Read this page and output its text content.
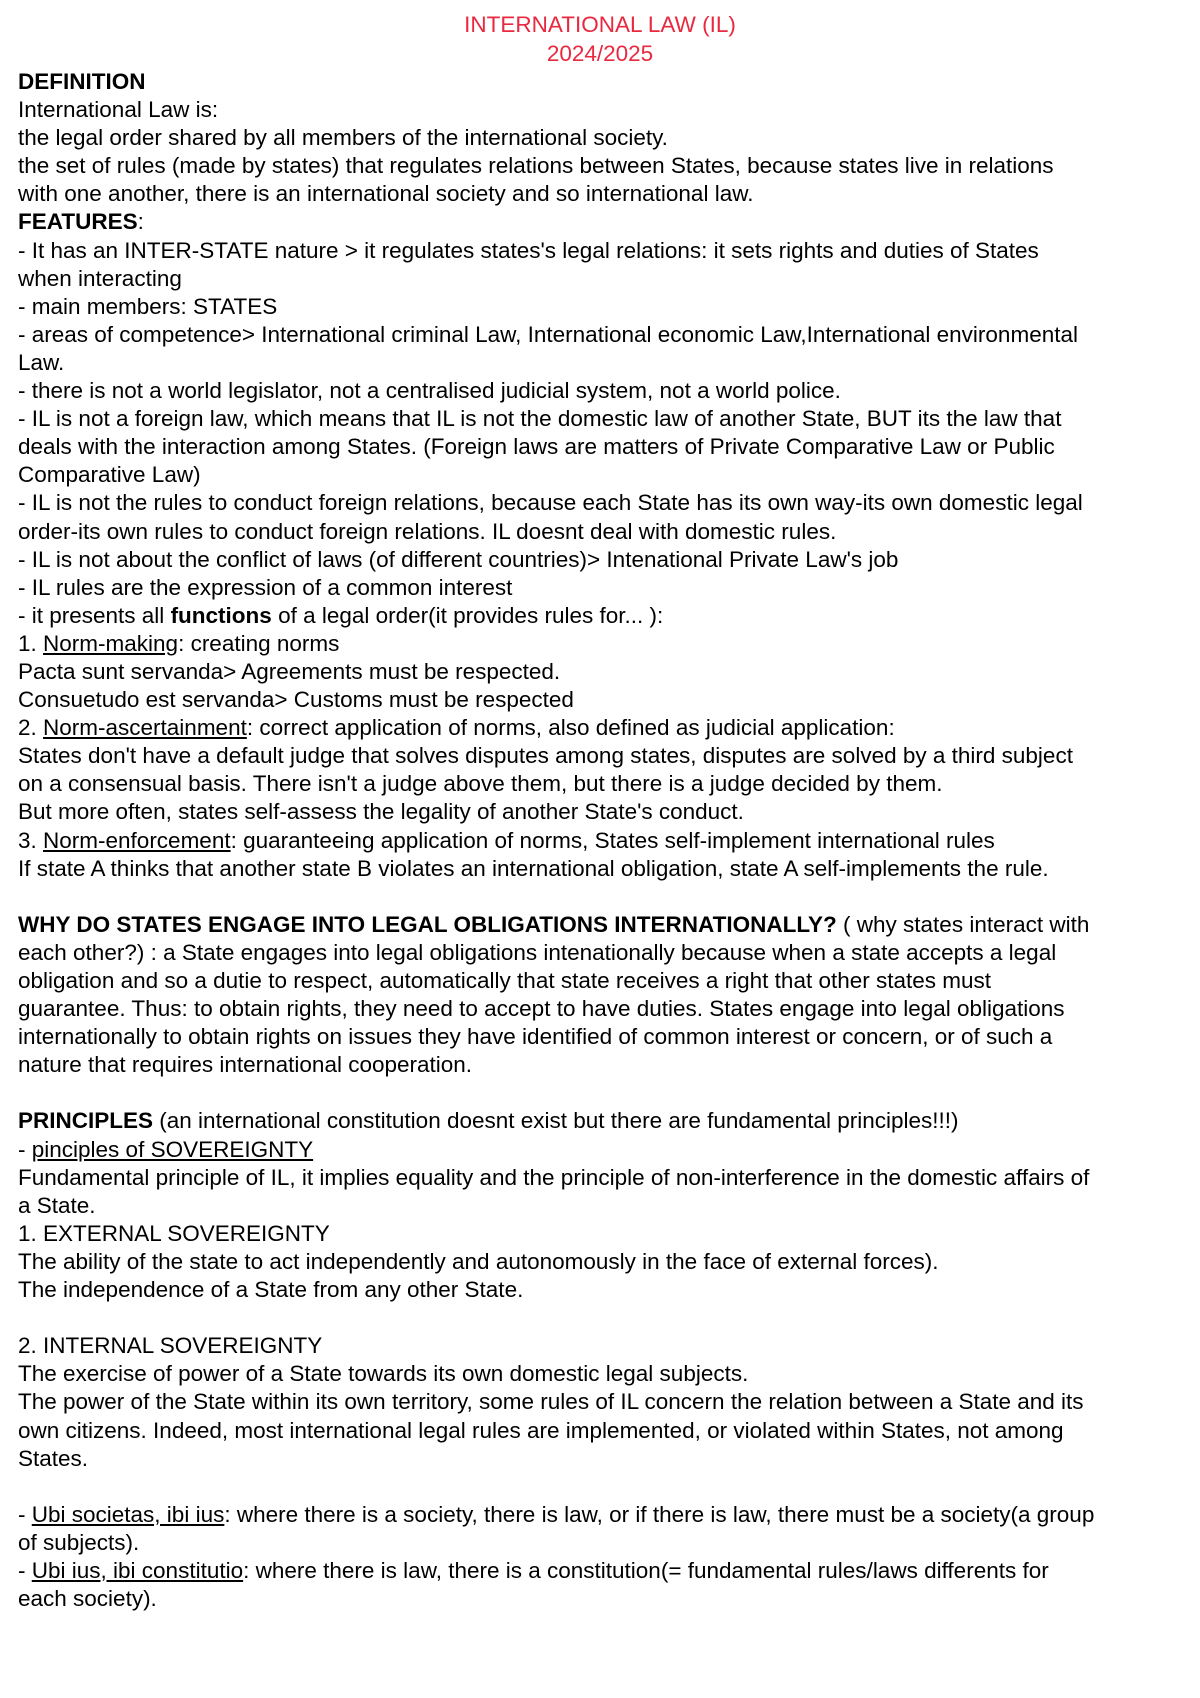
INTERNATIONAL LAW (IL)
2024/2025
DEFINITION
International Law is:
the legal order shared by all members of the international society.
the set of rules (made by states) that regulates relations between States, because states live in relations
with one another, there is an international society and so international law.
FEATURES:
- It has an INTER-STATE nature > it regulates states's legal relations: it sets rights and duties of States
when interacting
- main members: STATES
- areas of competence> International criminal Law, International economic Law,International environmental
Law.
- there is not a world legislator, not a centralised judicial system, not a world police.
- IL is not a foreign law, which means that IL is not the domestic law of another State, BUT its the law that
deals with the interaction among States. (Foreign laws are matters of Private Comparative Law or Public
Comparative Law)
- IL is not the rules to conduct foreign relations, because each State has its own way-its own domestic legal
order-its own rules to conduct foreign relations. IL doesnt deal with domestic rules.
- IL is not about the conflict of laws (of different countries)> Intenational Private Law's job
- IL rules are the expression of a common interest
- it presents all functions of a legal order(it provides rules for... ):
1. Norm-making: creating norms
Pacta sunt servanda> Agreements must be respected.
Consuetudo est servanda> Customs must be respected
2. Norm-ascertainment: correct application of norms, also defined as judicial application:
States don't have a default judge that solves disputes among states, disputes are solved by a third subject
on a consensual basis. There isn't a judge above them, but there is a judge decided by them.
But more often, states self-assess the legality of another State's conduct.
3. Norm-enforcement: guaranteeing application of norms, States self-implement international rules
If state A thinks that another state B violates an international obligation, state A self-implements the rule.
WHY DO STATES ENGAGE INTO LEGAL OBLIGATIONS INTERNATIONALLY? ( why states interact with
each other?) : a State engages into legal obligations intenationally because when a state accepts a legal
obligation and so a dutie to respect, automatically that state receives a right that other states must
guarantee. Thus: to obtain rights, they need to accept to have duties. States engage into legal obligations
internationally to obtain rights on issues they have identified of common interest or concern, or of such a
nature that requires international cooperation.
PRINCIPLES (an international constitution doesnt exist but there are fundamental principles!!!)
- pinciples of SOVEREIGNTY
Fundamental principle of IL, it implies equality and the principle of non-interference in the domestic affairs of
a State.
1. EXTERNAL SOVEREIGNTY
The ability of the state to act independently and autonomously in the face of external forces).
The independence of a State from any other State.
2. INTERNAL SOVEREIGNTY
The exercise of power of a State towards its own domestic legal subjects.
The power of the State within its own territory, some rules of IL concern the relation between a State and its
own citizens. Indeed, most international legal rules are implemented, or violated within States, not among
States.
- Ubi societas, ibi ius: where there is a society, there is law, or if there is law, there must be a society(a group
of subjects).
- Ubi ius, ibi constitutio: where there is law, there is a constitution(= fundamental rules/laws differents for
each society).
